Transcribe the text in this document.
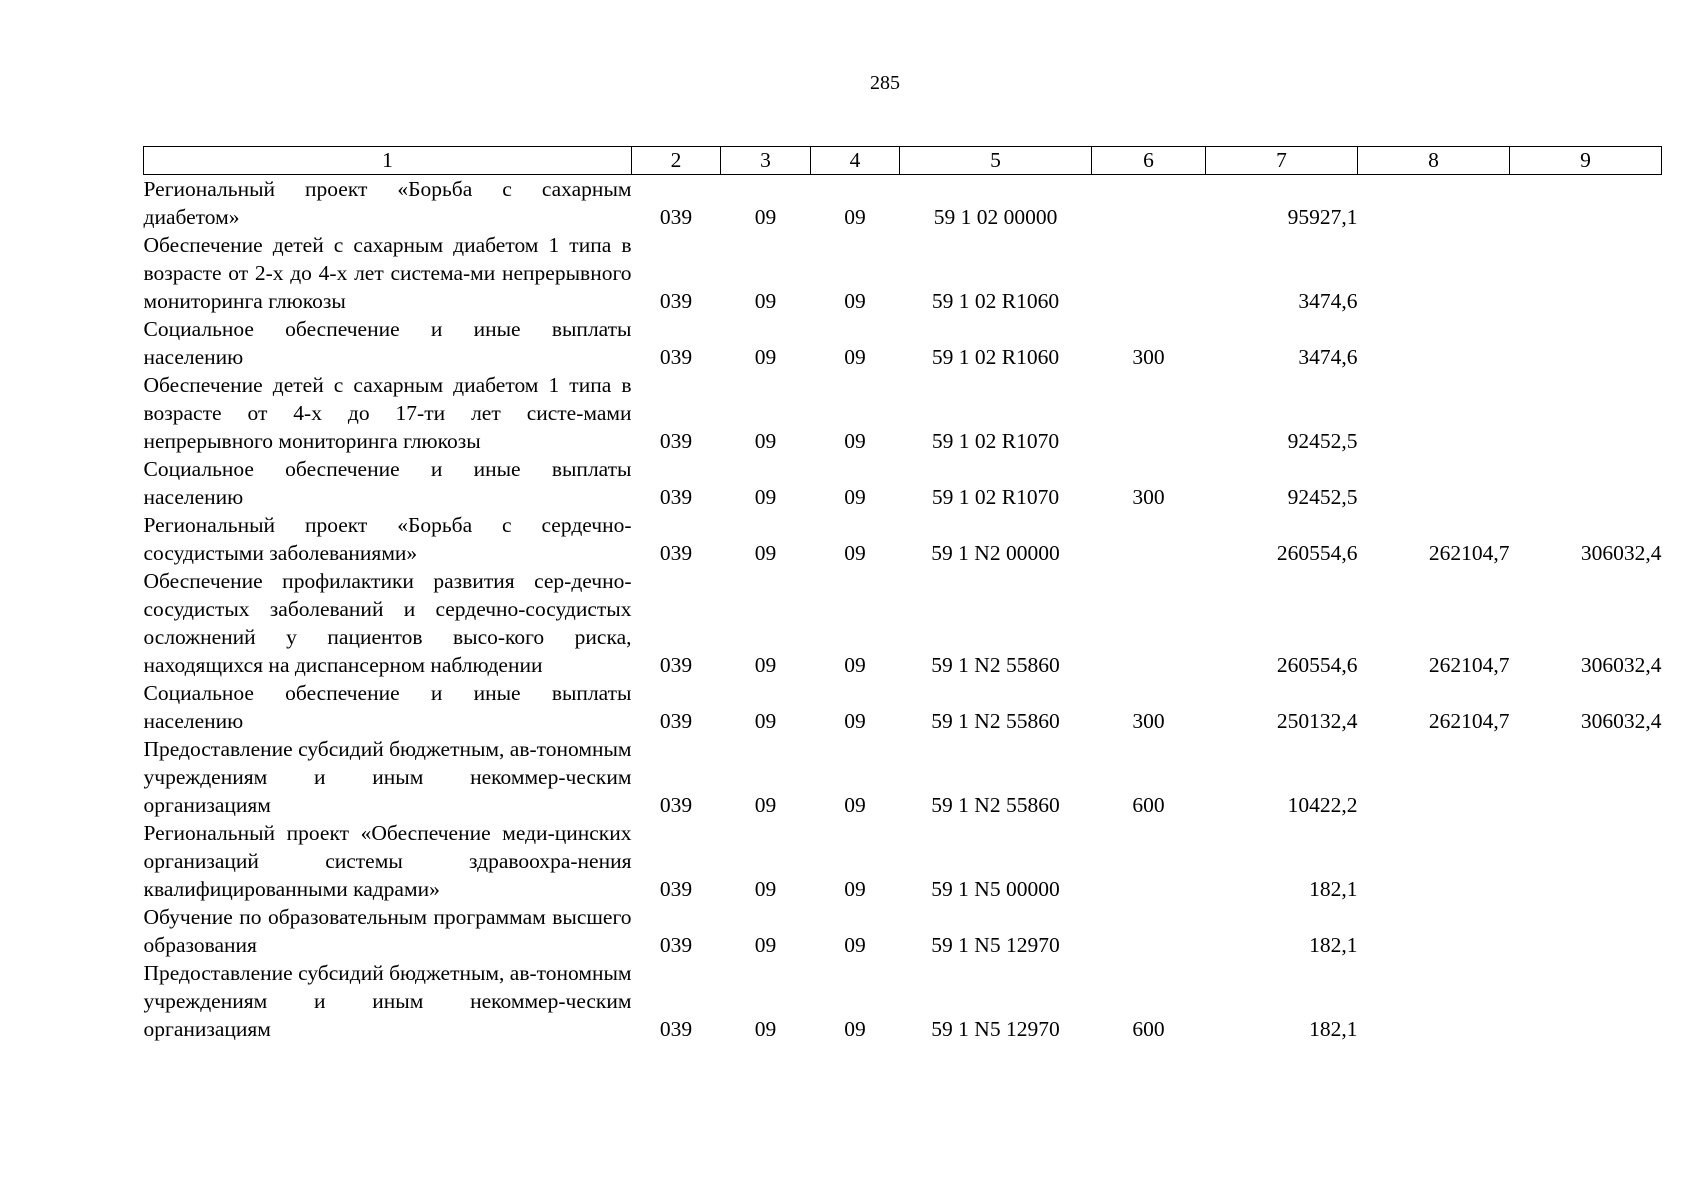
285
1	2	3	4	5	6	7	8	9
Региональный проект «Борьба с сахарным диабетом»	039	09	09	59 1 02 00000		95927,1		
Обеспечение детей с сахарным диабетом 1 типа в возрасте от 2-х до 4-х лет система-ми непрерывного мониторинга глюкозы	039	09	09	59 1 02 R1060		3474,6		
Социальное обеспечение и иные выплаты населению	039	09	09	59 1 02 R1060	300	3474,6		
Обеспечение детей с сахарным диабетом 1 типа в возрасте от 4-х до 17-ти лет систе-мами непрерывного мониторинга глюкозы	039	09	09	59 1 02 R1070		92452,5		
Социальное обеспечение и иные выплаты населению	039	09	09	59 1 02 R1070	300	92452,5		
Региональный проект «Борьба с сердечно-сосудистыми заболеваниями»	039	09	09	59 1 N2 00000		260554,6	262104,7	306032,4
Обеспечение профилактики развития сер-дечно-сосудистых заболеваний и сердечно-сосудистых осложнений у пациентов высо-кого риска, находящихся на диспансерном наблюдении	039	09	09	59 1 N2 55860		260554,6	262104,7	306032,4
Социальное обеспечение и иные выплаты населению	039	09	09	59 1 N2 55860	300	250132,4	262104,7	306032,4
Предоставление субсидий бюджетным, ав-тономным учреждениям и иным некоммер-ческим организациям	039	09	09	59 1 N2 55860	600	10422,2		
Региональный проект «Обеспечение меди-цинских организаций системы здравоохра-нения квалифицированными кадрами»	039	09	09	59 1 N5 00000		182,1		
Обучение по образовательным программам высшего образования	039	09	09	59 1 N5 12970		182,1		
Предоставление субсидий бюджетным, ав-тономным учреждениям и иным некоммер-ческим организациям	039	09	09	59 1 N5 12970	600	182,1		
